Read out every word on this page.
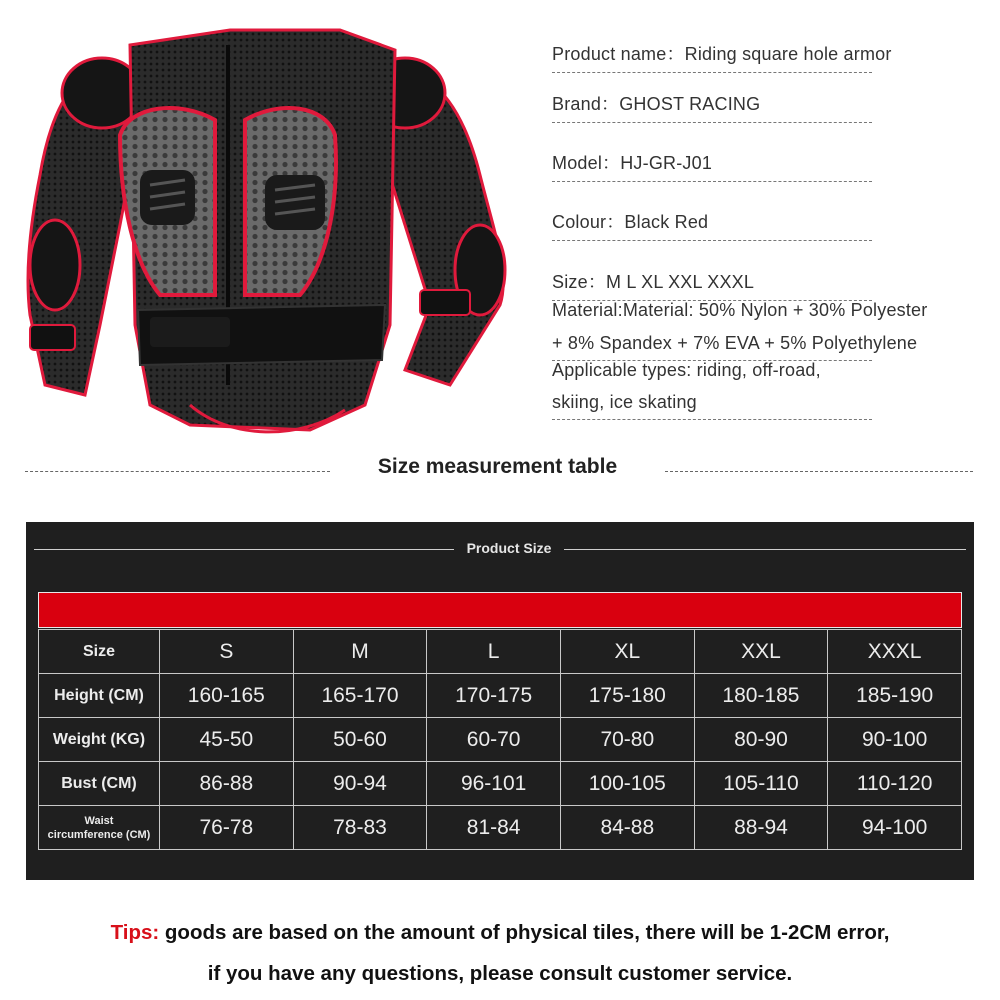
Product name：Riding square hole armor
Brand：GHOST RACING
Model：HJ-GR-J01
Colour：Black Red
Size：M L XL XXL XXXL
Material:Material: 50% Nylon + 30% Polyester
+ 8% Spandex + 7% EVA + 5% Polyethylene
Applicable types: riding, off-road,
skiing, ice skating
Size measurement table
Product Size
Size	S	M	L	XL	XXL	XXXL
Height (CM)	160-165	165-170	170-175	175-180	180-185	185-190
Weight (KG)	45-50	50-60	60-70	70-80	80-90	90-100
Bust (CM)	86-88	90-94	96-101	100-105	105-110	110-120
Waist
circumference (CM)	76-78	78-83	81-84	84-88	88-94	94-100
Tips: goods are based on the amount of physical tiles, there will be 1-2CM error,
if you have any questions, please consult customer service.
